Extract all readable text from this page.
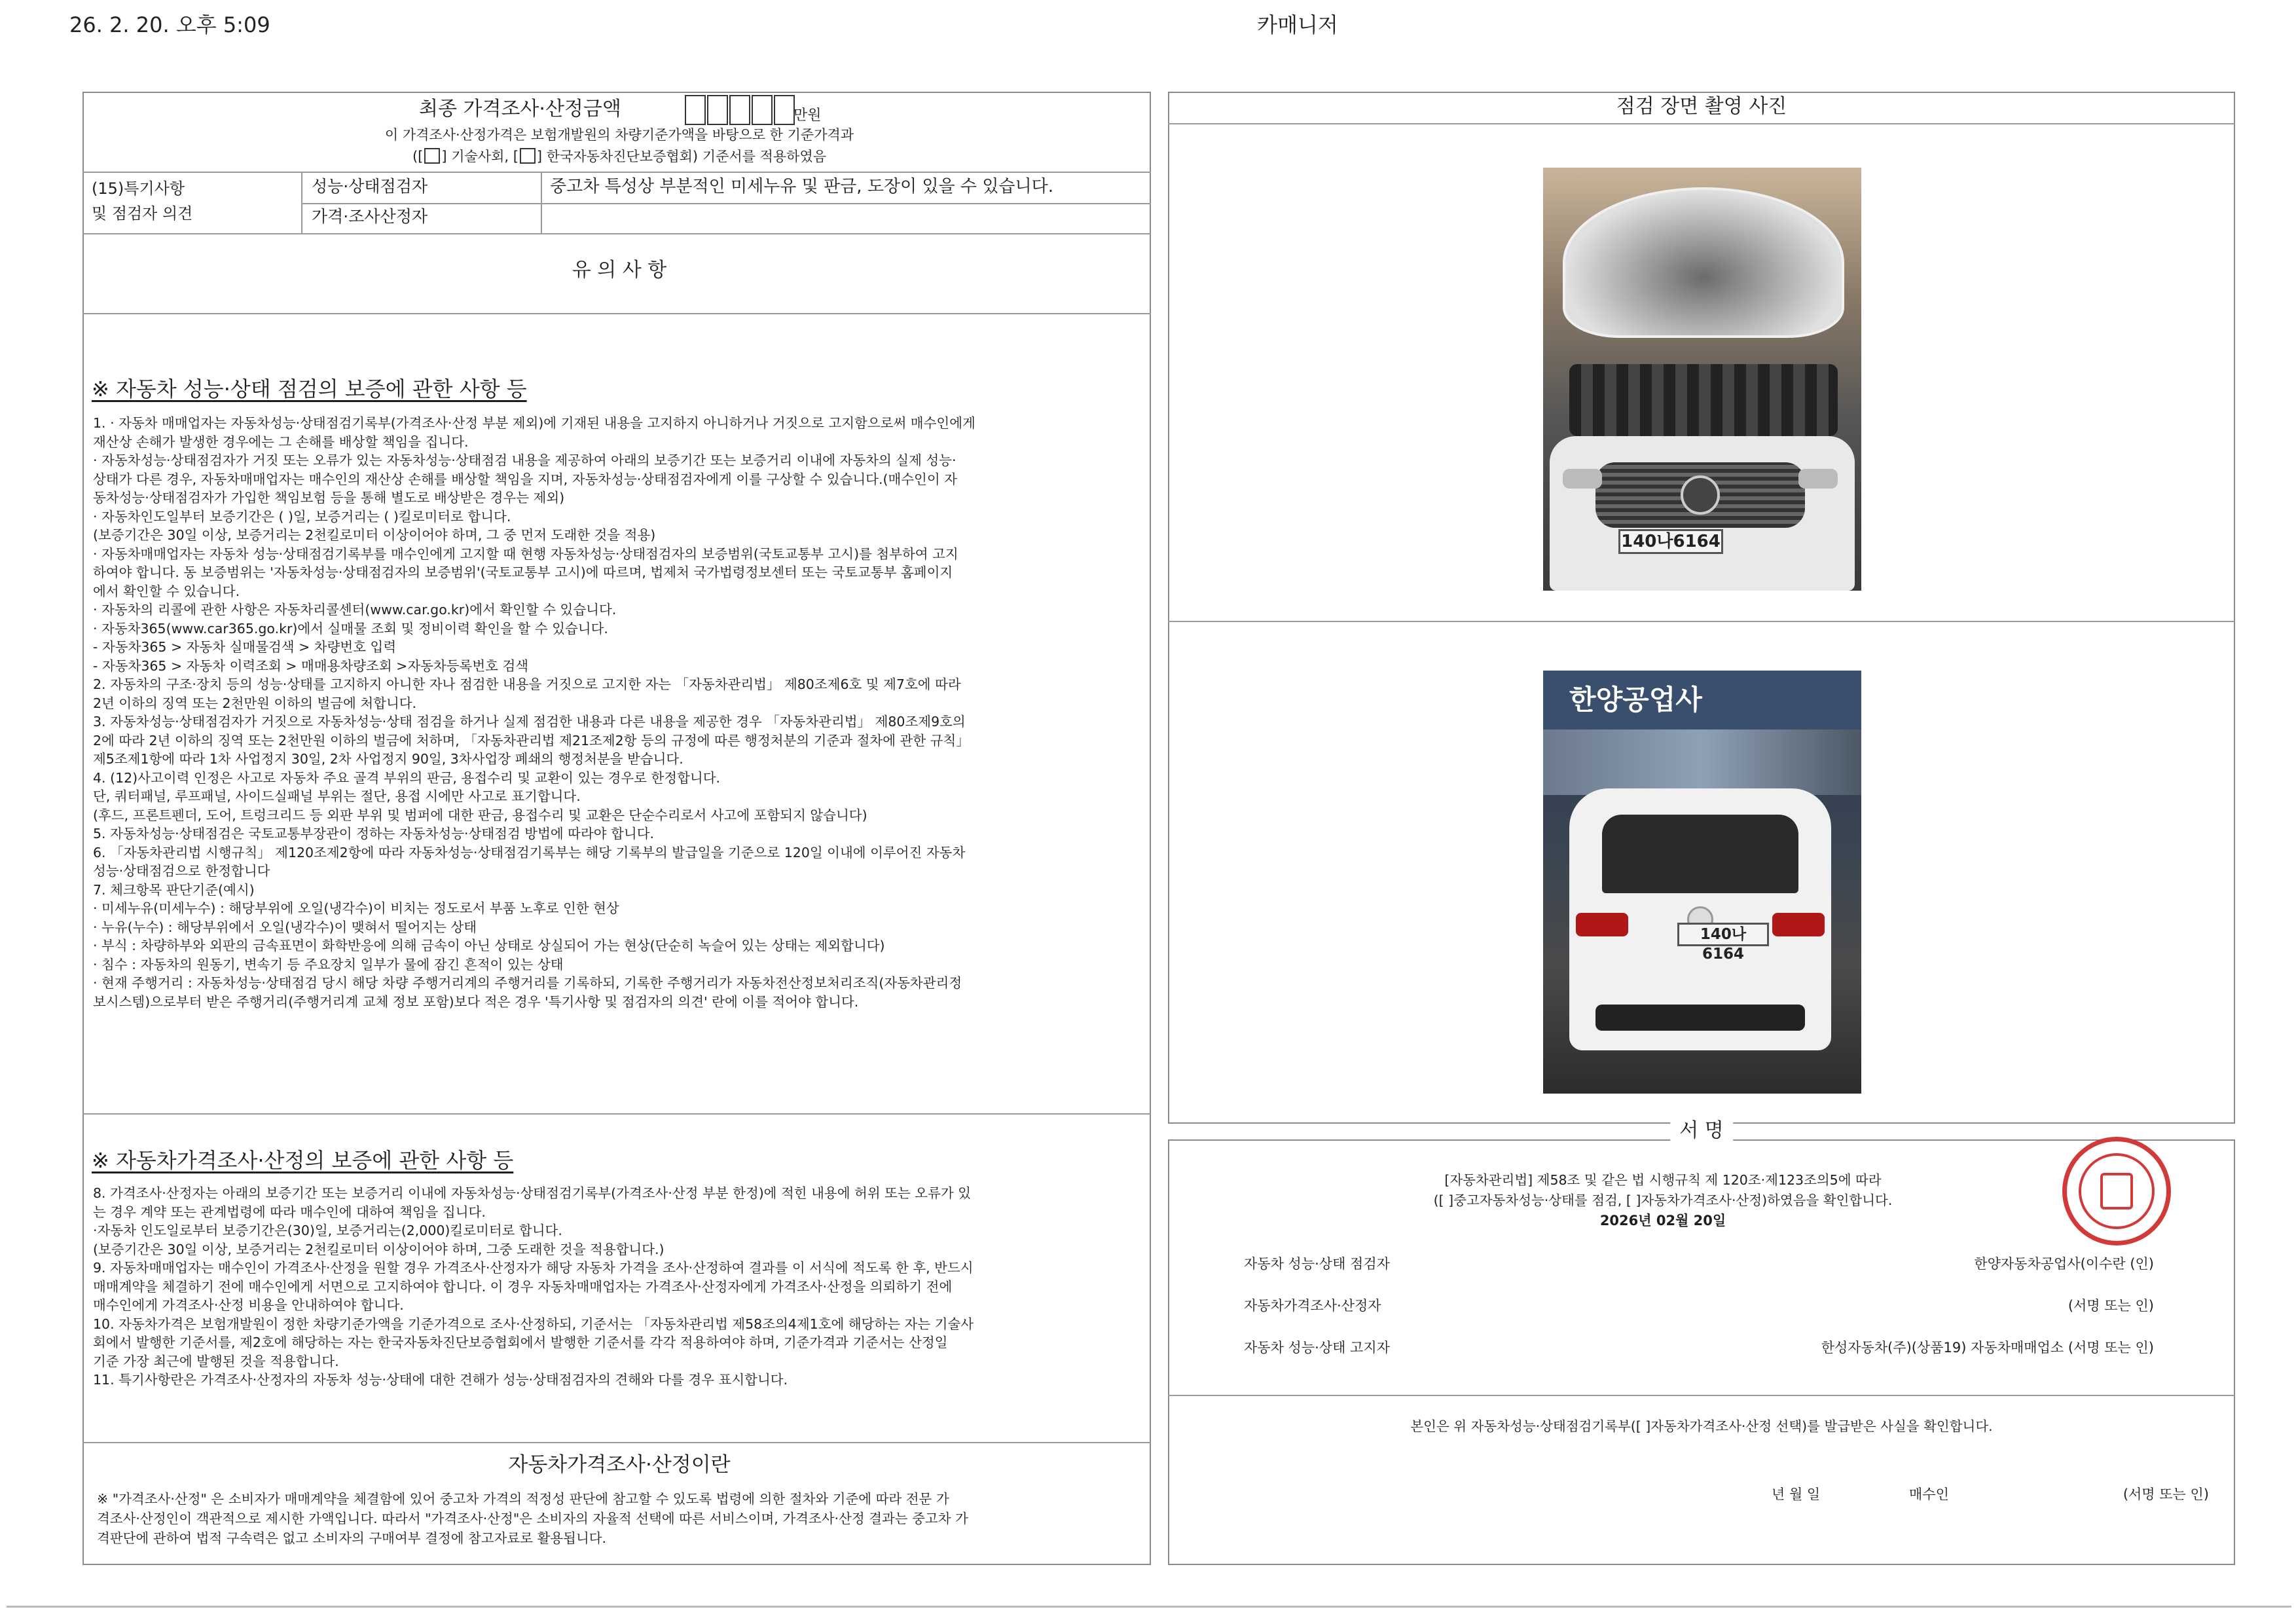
26. 2. 20. 오후 5:09	카매니저
최종 가격조사·산정금액	만원
이 가격조사·산정가격은 보험개발원의 차량기준가액을 바탕으로 한 기준가격과
([ ] 기술사회, [ ] 한국자동차진단보증협회) 기준서를 적용하였음
(15)특기사항
및 점검자 의견
성능·상태점검자	중고차 특성상 부분적인 미세누유 및 판금, 도장이 있을 수 있습니다.
가격·조사산정자
유 의 사 항
※ 자동차 성능·상태 점검의 보증에 관한 사항 등
1. · 자동차 매매업자는 자동차성능·상태점검기록부(가격조사·산정 부분 제외)에 기재된 내용을 고지하지 아니하거나 거짓으로 고지함으로써 매수인에게
재산상 손해가 발생한 경우에는 그 손해를 배상할 책임을 집니다.
· 자동차성능·상태점검자가 거짓 또는 오류가 있는 자동차성능·상태점검 내용을 제공하여 아래의 보증기간 또는 보증거리 이내에 자동차의 실제 성능·
상태가 다른 경우, 자동차매매업자는 매수인의 재산상 손해를 배상할 책임을 지며, 자동차성능·상태점검자에게 이를 구상할 수 있습니다.(매수인이 자
동차성능·상태점검자가 가입한 책임보험 등을 통해 별도로 배상받은 경우는 제외)
· 자동차인도일부터 보증기간은 ( )일, 보증거리는 ( )킬로미터로 합니다.
(보증기간은 30일 이상, 보증거리는 2천킬로미터 이상이어야 하며, 그 중 먼저 도래한 것을 적용)
· 자동차매매업자는 자동차 성능·상태점검기록부를 매수인에게 고지할 때 현행 자동차성능·상태점검자의 보증범위(국토교통부 고시)를 첨부하여 고지
하여야 합니다. 동 보증범위는 '자동차성능·상태점검자의 보증범위'(국토교통부 고시)에 따르며, 법제처 국가법령정보센터 또는 국토교통부 홈페이지
에서 확인할 수 있습니다.
· 자동차의 리콜에 관한 사항은 자동차리콜센터(www.car.go.kr)에서 확인할 수 있습니다.
· 자동차365(www.car365.go.kr)에서 실매물 조회 및 정비이력 확인을 할 수 있습니다.
- 자동차365 > 자동차 실매물검색 > 차량번호 입력
- 자동차365 > 자동차 이력조회 > 매매용차량조회 >자동차등록번호 검색
2. 자동차의 구조·장치 등의 성능·상태를 고지하지 아니한 자나 점검한 내용을 거짓으로 고지한 자는 「자동차관리법」 제80조제6호 및 제7호에 따라
2년 이하의 징역 또는 2천만원 이하의 벌금에 처합니다.
3. 자동차성능·상태점검자가 거짓으로 자동차성능·상태 점검을 하거나 실제 점검한 내용과 다른 내용을 제공한 경우 「자동차관리법」 제80조제9호의
2에 따라 2년 이하의 징역 또는 2천만원 이하의 벌금에 처하며, 「자동차관리법 제21조제2항 등의 규정에 따른 행정처분의 기준과 절차에 관한 규칙」
제5조제1항에 따라 1차 사업정지 30일, 2차 사업정지 90일, 3차사업장 폐쇄의 행정처분을 받습니다.
4. (12)사고이력 인정은 사고로 자동차 주요 골격 부위의 판금, 용접수리 및 교환이 있는 경우로 한정합니다.
단, 쿼터패널, 루프패널, 사이드실패널 부위는 절단, 용접 시에만 사고로 표기합니다.
(후드, 프론트펜더, 도어, 트렁크리드 등 외판 부위 및 범퍼에 대한 판금, 용접수리 및 교환은 단순수리로서 사고에 포함되지 않습니다)
5. 자동차성능·상태점검은 국토교통부장관이 정하는 자동차성능·상태점검 방법에 따라야 합니다.
6. 「자동차관리법 시행규칙」 제120조제2항에 따라 자동차성능·상태점검기록부는 해당 기록부의 발급일을 기준으로 120일 이내에 이루어진 자동차
성능·상태점검으로 한정합니다
7. 체크항목 판단기준(예시)
· 미세누유(미세누수) : 해당부위에 오일(냉각수)이 비치는 정도로서 부품 노후로 인한 현상
· 누유(누수) : 해당부위에서 오일(냉각수)이 맺혀서 떨어지는 상태
· 부식 : 차량하부와 외판의 금속표면이 화학반응에 의해 금속이 아닌 상태로 상실되어 가는 현상(단순히 녹슬어 있는 상태는 제외합니다)
· 침수 : 자동차의 원동기, 변속기 등 주요장치 일부가 물에 잠긴 흔적이 있는 상태
· 현재 주행거리 : 자동차성능·상태점검 당시 해당 차량 주행거리계의 주행거리를 기록하되, 기록한 주행거리가 자동차전산정보처리조직(자동차관리정
보시스템)으로부터 받은 주행거리(주행거리계 교체 정보 포함)보다 적은 경우 '특기사항 및 점검자의 의견' 란에 이를 적어야 합니다.
※ 자동차가격조사·산정의 보증에 관한 사항 등
8. 가격조사·산정자는 아래의 보증기간 또는 보증거리 이내에 자동차성능·상태점검기록부(가격조사·산정 부분 한정)에 적힌 내용에 허위 또는 오류가 있
는 경우 계약 또는 관계법령에 따라 매수인에 대하여 책임을 집니다.
·자동차 인도일로부터 보증기간은(30)일, 보증거리는(2,000)킬로미터로 합니다.
(보증기간은 30일 이상, 보증거리는 2천킬로미터 이상이어야 하며, 그중 도래한 것을 적용합니다.)
9. 자동차매매업자는 매수인이 가격조사·산정을 원할 경우 가격조사·산정자가 해당 자동차 가격을 조사·산정하여 결과를 이 서식에 적도록 한 후, 반드시
매매계약을 체결하기 전에 매수인에게 서면으로 고지하여야 합니다. 이 경우 자동차매매업자는 가격조사·산정자에게 가격조사·산정을 의뢰하기 전에
매수인에게 가격조사·산정 비용을 안내하여야 합니다.
10. 자동차가격은 보험개발원이 정한 차량기준가액을 기준가격으로 조사·산정하되, 기준서는 「자동차관리법 제58조의4제1호에 해당하는 자는 기술사
회에서 발행한 기준서를, 제2호에 해당하는 자는 한국자동차진단보증협회에서 발행한 기준서를 각각 적용하여야 하며, 기준가격과 기준서는 산정일
기준 가장 최근에 발행된 것을 적용합니다.
11. 특기사항란은 가격조사·산정자의 자동차 성능·상태에 대한 견해가 성능·상태점검자의 견해와 다를 경우 표시합니다.
자동차가격조사·산정이란
※ "가격조사·산정" 은 소비자가 매매계약을 체결함에 있어 중고차 가격의 적정성 판단에 참고할 수 있도록 법령에 의한 절차와 기준에 따라 전문 가
격조사·산정인이 객관적으로 제시한 가액입니다. 따라서 "가격조사·산정"은 소비자의 자율적 선택에 따른 서비스이며, 가격조사·산정 결과는 중고차 가
격판단에 관하여 법적 구속력은 없고 소비자의 구매여부 결정에 참고자료로 활용됩니다.
점검 장면 촬영 사진
140나6164
한양공업사
140나6164
서 명
[자동차관리법] 제58조 및 같은 법 시행규칙 제 120조·제123조의5에 따라
([ ]중고자동차성능·상태를 점검, [ ]자동차가격조사·산정)하였음을 확인합니다.
2026년 02월 20일
자동차 성능·상태 점검자	한양자동차공업사(이수란 (인)
자동차가격조사·산정자	(서명 또는 인)
자동차 성능·상태 고지자	한성자동차(주)(상품19) 자동차매매업소 (서명 또는 인)
본인은 위 자동차성능·상태점검기록부([ ]자동차가격조사·산정 선택)를 발급받은 사실을 확인합니다.
년 월 일	매수인	(서명 또는 인)
